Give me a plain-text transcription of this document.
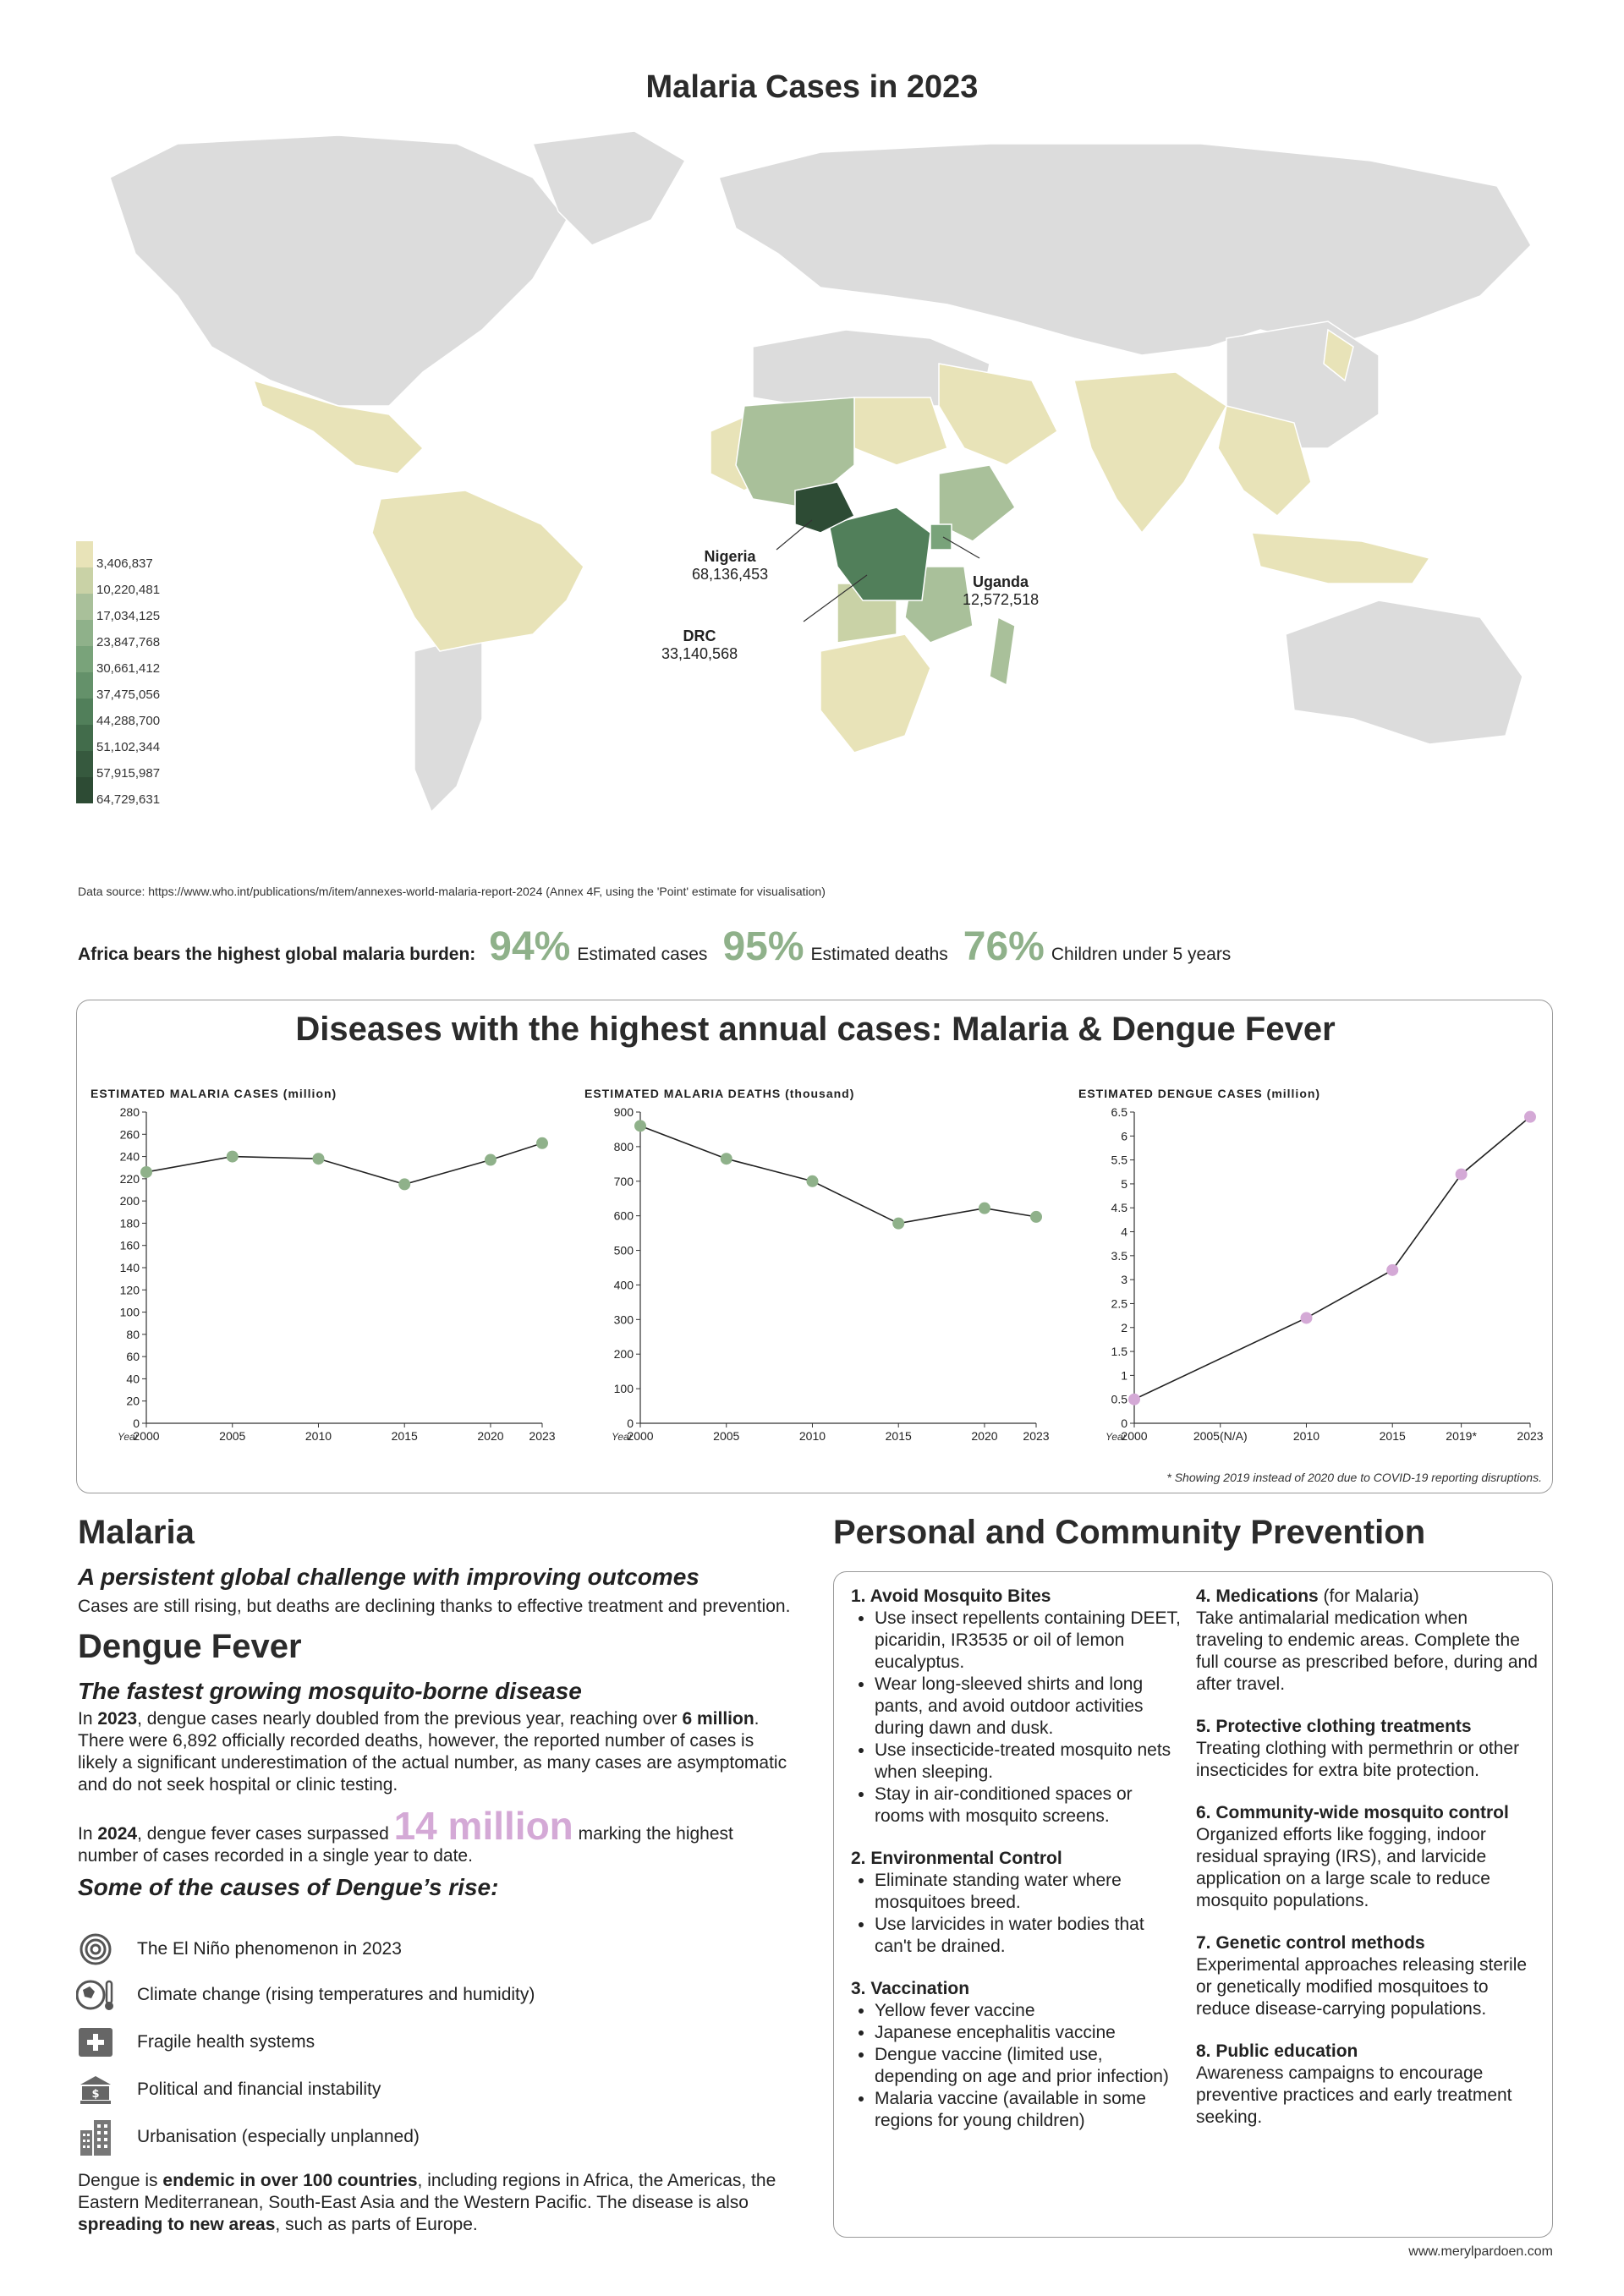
Malaria Cases in 2023
3,406,837
10,220,481
17,034,125
23,847,768
30,661,412
37,475,056
44,288,700
51,102,344
57,915,987
64,729,631
Nigeria
68,136,453	Uganda
12,572,518
DRC
33,140,568
Data source: https://www.who.int/publications/m/item/annexes-world-malaria-report-2024 (Annex 4F, using the 'Point' estimate for visualisation)
Africa bears the highest global malaria burden: 94% Estimated cases 95% Estimated deaths 76% Children under 5 years
Diseases with the highest annual cases: Malaria & Dengue Fever
ESTIMATED MALARIA CASES (million)
0
20
40
60
80
100
120
140
160
180
200
220
240
260
280
2000	2005	2010	2015	2020 2023
Year
ESTIMATED MALARIA DEATHS (thousand)
0
100
200
300
400
500
600
700
800
900
2000	2005	2010	2015	2020 2023
Year
ESTIMATED DENGUE CASES (million)
0
0.5
1
1.5
2
2.5
3
3.5
4
4.5
5
5.5
6
6.5
2000	2005(N/A)	2010	2015	2019*	2023
Year
* Showing 2019 instead of 2020 due to COVID-19 reporting disruptions.
Malaria
A persistent global challenge with improving outcomes
Cases are still rising, but deaths are declining thanks to effective treatment and prevention.
Dengue Fever
The fastest growing mosquito-borne disease
In 2023, dengue cases nearly doubled from the previous year, reaching over 6 million. There were 6,892 officially recorded deaths, however, the reported number of cases is likely a significant underestimation of the actual number, as many cases are asymptomatic and do not seek hospital or clinic testing.
In 2024, dengue fever cases surpassed 14 million marking the highest number of cases recorded in a single year to date.
Some of the causes of Dengue’s rise:
The El Niño phenomenon in 2023
Climate change (rising temperatures and humidity)
Fragile health systems
$ Political and financial instability
Urbanisation (especially unplanned)
Dengue is endemic in over 100 countries, including regions in Africa, the Americas, the Eastern Mediterranean, South-East Asia and the Western Pacific. The disease is also spreading to new areas, such as parts of Europe.
Personal and Community Prevention
1. Avoid Mosquito Bites
• Use insect repellents containing DEET, picaridin, IR3535 or oil of lemon eucalyptus.
• Wear long-sleeved shirts and long pants, and avoid outdoor activities during dawn and dusk.
• Use insecticide-treated mosquito nets when sleeping.
• Stay in air-conditioned spaces or rooms with mosquito screens.
2. Environmental Control
• Eliminate standing water where mosquitoes breed.
• Use larvicides in water bodies that can't be drained.
3. Vaccination
• Yellow fever vaccine
• Japanese encephalitis vaccine
• Dengue vaccine (limited use, depending on age and prior infection)
• Malaria vaccine (available in some regions for young children)
4. Medications (for Malaria)
Take antimalarial medication when traveling to endemic areas. Complete the full course as prescribed before, during and after travel.
5. Protective clothing treatments
Treating clothing with permethrin or other insecticides for extra bite protection.
6. Community-wide mosquito control
Organized efforts like fogging, indoor residual spraying (IRS), and larvicide application on a large scale to reduce mosquito populations.
7. Genetic control methods
Experimental approaches releasing sterile or genetically modified mosquitoes to reduce disease-carrying populations.
8. Public education
Awareness campaigns to encourage preventive practices and early treatment seeking.
www.merylpardoen.com
